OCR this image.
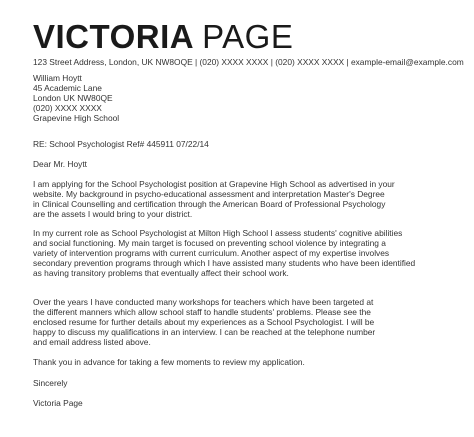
VICTORIA PAGE
123 Street Address, London, UK NW8OQE | (020) XXXX XXXX | (020) XXXX XXXX | example-email@example.com
William Hoytt
45 Academic Lane
London UK NW80QE
(020) XXXX XXXX
Grapevine High School
RE: School Psychologist Ref# 445911 07/22/14
Dear Mr. Hoytt
I am applying for the School Psychologist position at Grapevine High School as advertised in your
website. My background in psycho-educational assessment and interpretation Master's Degree
in Clinical Counselling and certification through the American Board of Professional Psychology
are the assets I would bring to your district.
In my current role as School Psychologist at Milton High School I assess students' cognitive abilities
and social functioning. My main target is focused on preventing school violence by integrating a
variety of intervention programs with current curriculum. Another aspect of my expertise involves
secondary prevention programs through which I have assisted many students who have been identified
as having transitory problems that eventually affect their school work.
Over the years I have conducted many workshops for teachers which have been targeted at
the different manners which allow school staff to handle students' problems. Please see the
enclosed resume for further details about my experiences as a School Psychologist. I will be
happy to discuss my qualifications in an interview. I can be reached at the telephone number
and email address listed above.
Thank you in advance for taking a few moments to review my application.
Sincerely
Victoria Page
